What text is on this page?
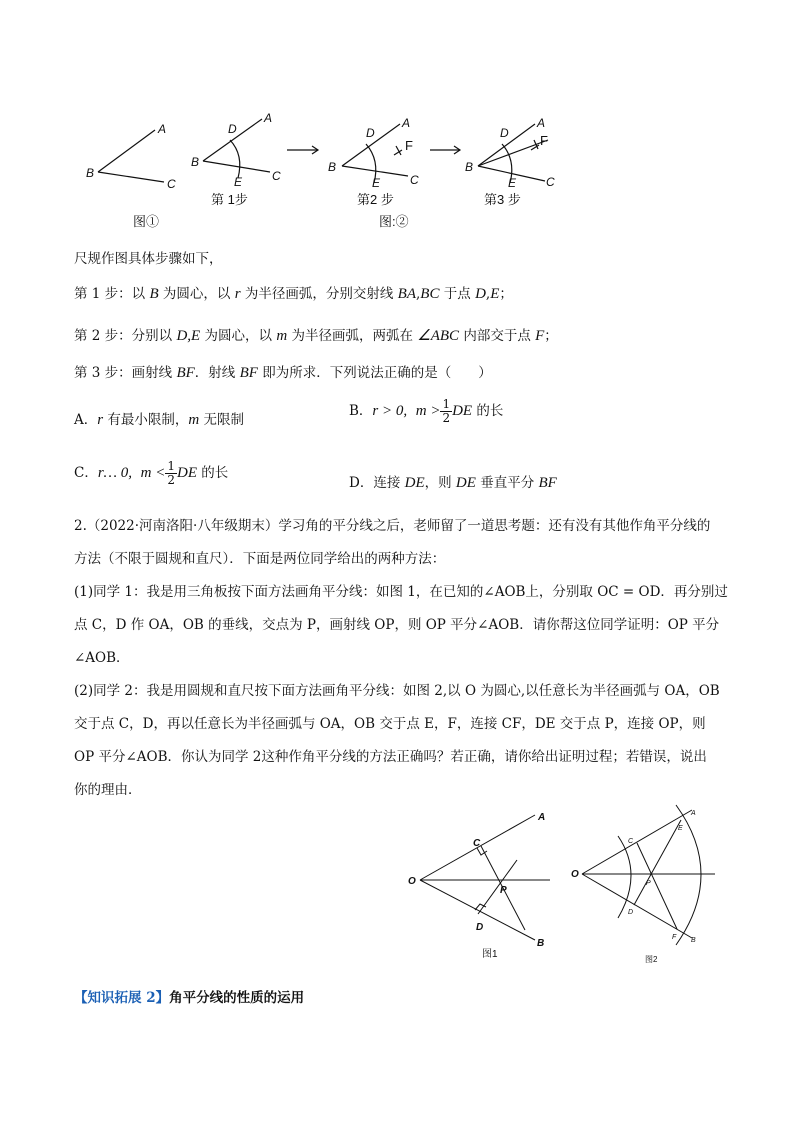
A
B
C
A
D
B
E C
A
D
B
E C
A
D
B
E C
F	F
图①
第 1步	第2 步
图:②
第3 步
尺规作图具体步骤如下，
第 1 步：以 B 为圆心，以 r 为半径画弧，分别交射线 BA,BC 于点 D,E；
第 2 步：分别以 D,E 为圆心，以 m 为半径画弧，两弧在 ∠ABC 内部交于点 F；
第 3 步：画射线 BF．射线 BF 即为所求．下列说法正确的是（　　）
A．r 有最小限制，m 无限制
B．r > 0, $m > \frac{1}{2}$ DE 的长
C．r… 0, $m < \frac{1}{2}$ DE 的长
D．连接 DE，则 DE 垂直平分 BF
2.（2022·河南洛阳·八年级期末）学习角的平分线之后，老师留了一道思考题：还有没有其他作角平分线的
方法（不限于圆规和直尺）．下面是两位同学给出的两种方法：
(1)同学 1：我是用三角板按下面方法画角平分线：如图 1，在已知的∠AOB上，分别取 OC = OD．再分别过
点 C，D 作 OA，OB 的垂线，交点为 P，画射线 OP，则 OP 平分∠AOB．请你帮这位同学证明：OP 平分
∠AOB．
(2)同学 2：我是用圆规和直尺按下面方法画角平分线：如图 2,以 O 为圆心,以任意长为半径画弧与 OA，OB
交于点 C，D，再以任意长为半径画弧与 OA，OB 交于点 E，F，连接 CF，DE 交于点 P，连接 OP，则
OP 平分∠AOB．你认为同学 2这种作角平分线的方法正确吗？若正确，请你给出证明过程；若错误，说出
你的理由．
A
C
O
P
D
B
O
A
E
C
P
D
F B
图1	图2
【知识拓展 2】角平分线的性质的运用
